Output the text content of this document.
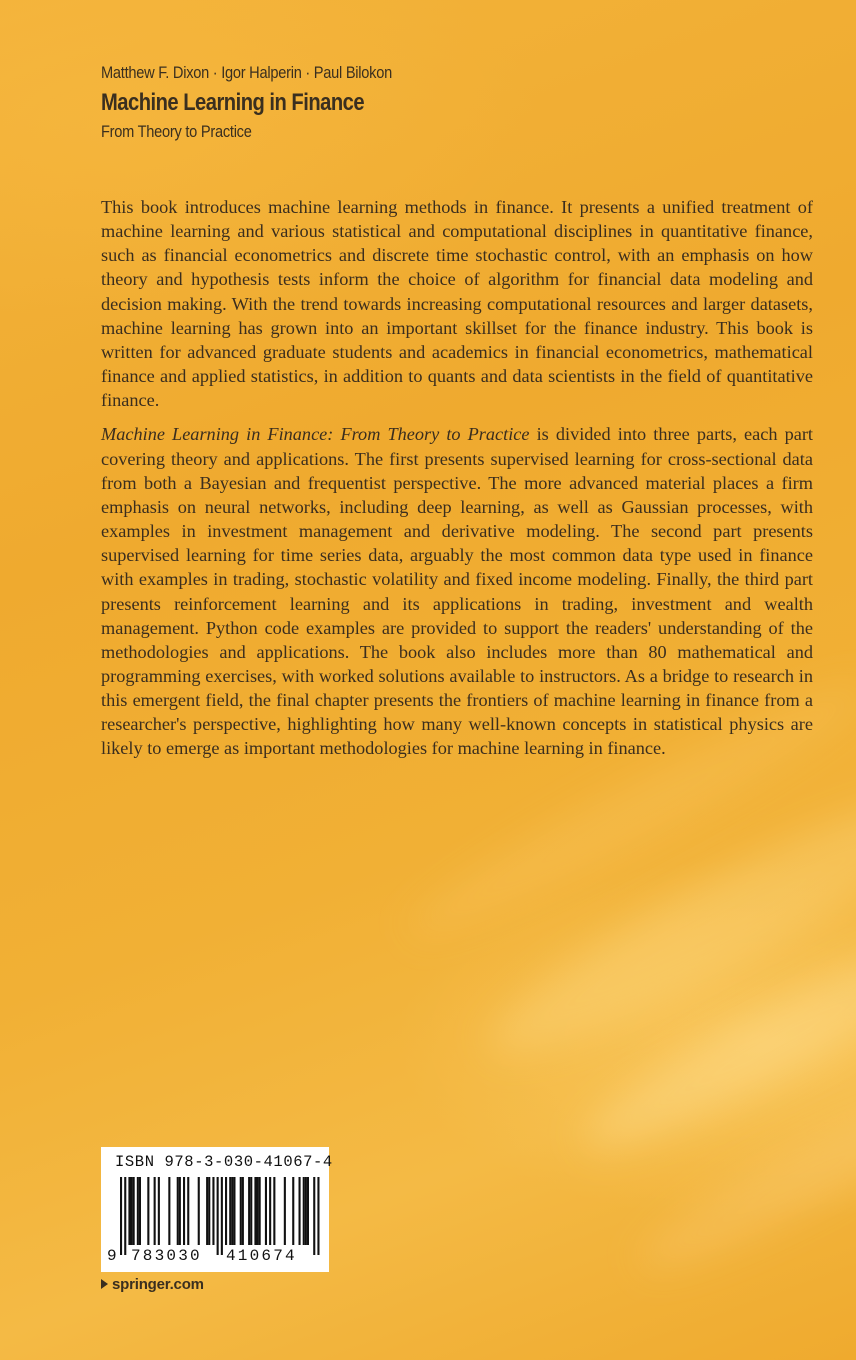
Matthew F. Dixon · Igor Halperin · Paul Bilokon
Machine Learning in Finance
From Theory to Practice

This book introduces machine learning methods in finance. It presents a unified treatment of machine learning and various statistical and computational disciplines in quantitative finance, such as financial econometrics and discrete time stochastic control, with an emphasis on how theory and hypothesis tests inform the choice of algorithm for financial data modeling and decision making. With the trend towards increasing computational resources and larger datasets, machine learning has grown into an important skillset for the finance industry. This book is written for advanced graduate students and academics in financial econometrics, mathematical finance and applied statistics, in addition to quants and data scientists in the field of quantitative finance.

Machine Learning in Finance: From Theory to Practice is divided into three parts, each part covering theory and applications. The first presents supervised learning for cross-sectional data from both a Bayesian and frequentist perspective. The more advanced material places a firm emphasis on neural networks, including deep learning, as well as Gaussian processes, with examples in investment management and derivative modeling. The second part presents supervised learning for time series data, arguably the most common data type used in finance with examples in trading, stochastic volatility and fixed income modeling. Finally, the third part presents reinforcement learning and its applications in trading, investment and wealth management. Python code examples are provided to support the readers' understanding of the methodologies and applications. The book also includes more than 80 mathematical and programming exercises, with worked solutions available to instructors. As a bridge to research in this emergent field, the final chapter presents the frontiers of machine learning in finance from a researcher's perspective, highlighting how many well-known concepts in statistical physics are likely to emerge as important methodologies for machine learning in finance.

ISBN 978-3-030-41067-4
9 783030 410674
springer.com
